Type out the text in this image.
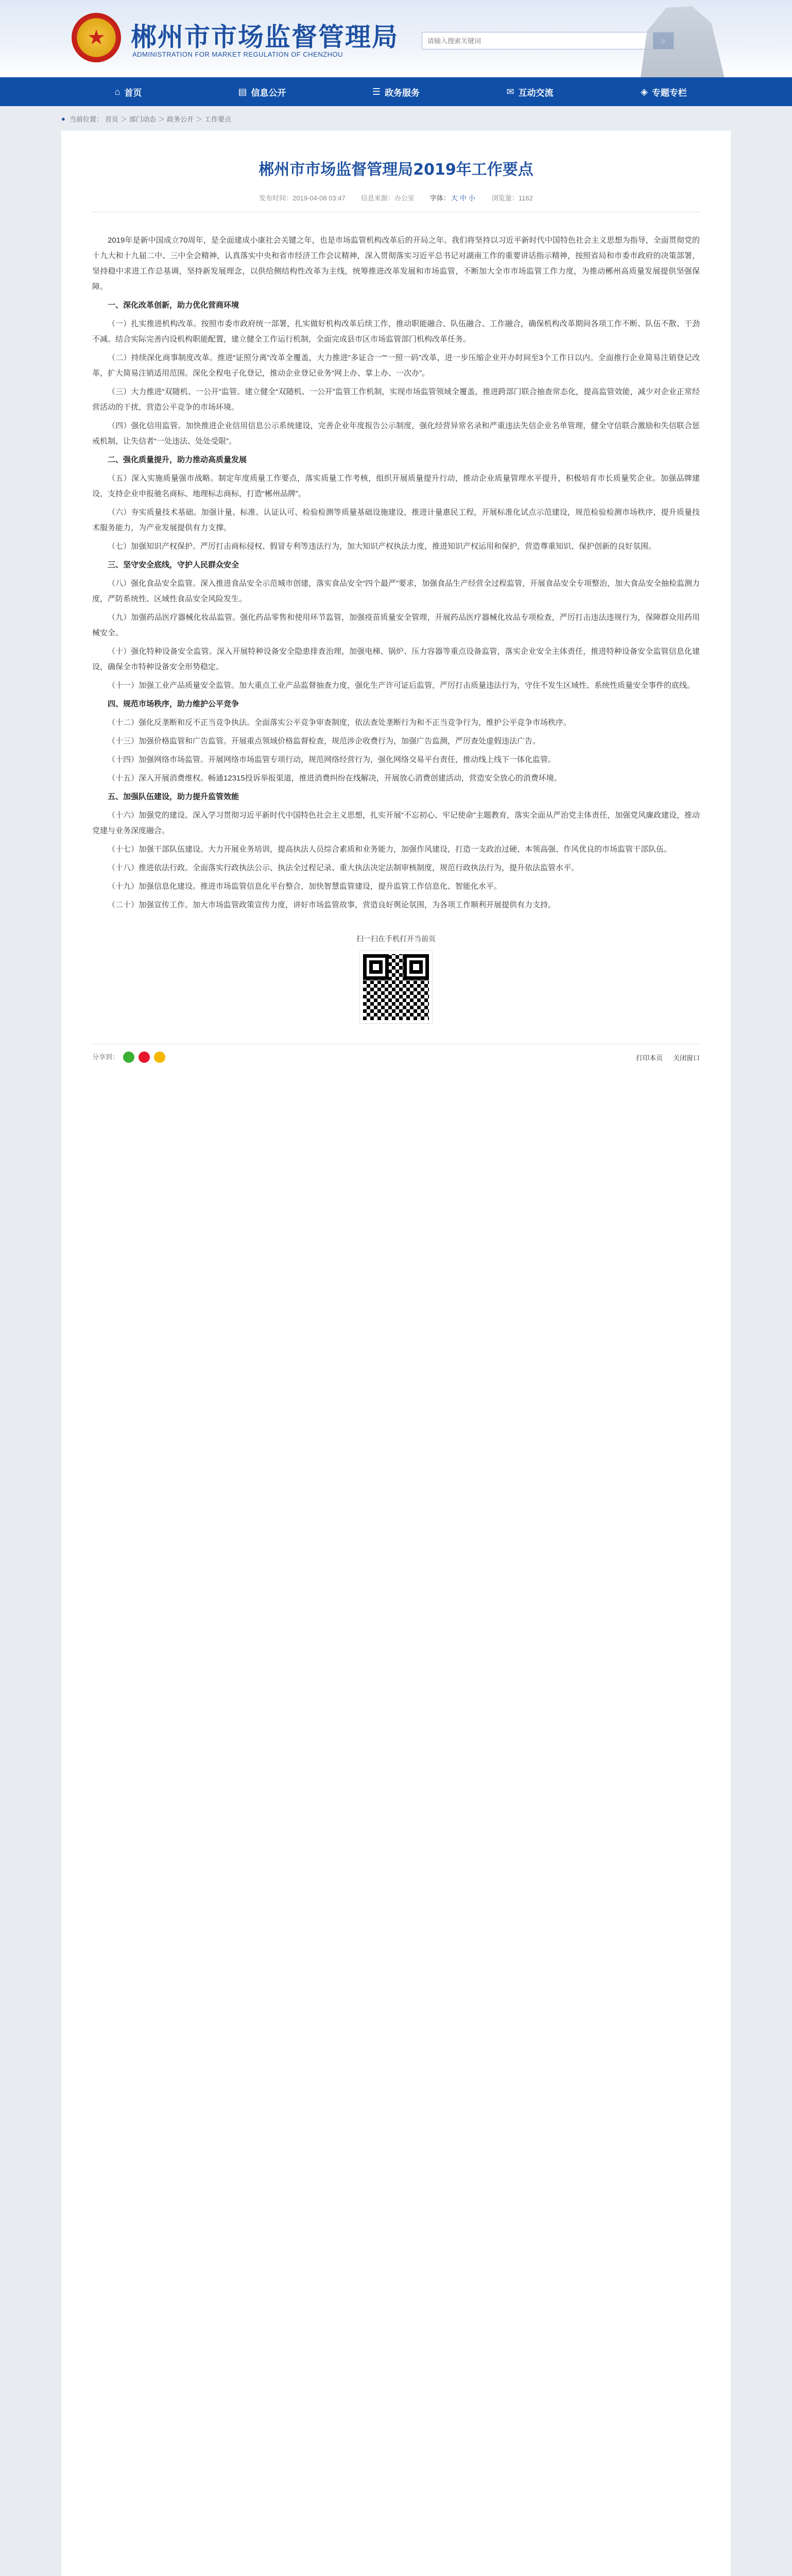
★ 郴州市市场监督管理局
ADMINISTRATION FOR MARKET REGULATION OF CHENZHOU
请输入搜索关键词
⌂ 首页	▤ 信息公开	☰ 政务服务	✉ 互动交流	◈ 专题专栏
● 当前位置： 首页 ＞ 部门动态 ＞ 政务公开 ＞ 工作要点
郴州市市场监督管理局2019年工作要点
发布时间：2019-04-08 03:47 信息来源：办公室 字体： 大 中 小 浏览量：1162

2019年是新中国成立70周年，是全面建成小康社会关键之年，也是市场监管机构改革后的开局之年。我们将坚持以习近平新时代中国特色社会主义思想为指导，全面贯彻党的十九大和十九届二中、三中全会精神，认真落实中央和省市经济工作会议精神，深入贯彻落实习近平总书记对湖南工作的重要讲话指示精神，按照省局和市委市政府的决策部署，坚持稳中求进工作总基调，坚持新发展理念，以供给侧结构性改革为主线，统筹推进改革发展和市场监管，不断加大全市市场监管工作力度，为推动郴州高质量发展提供坚强保障。

一、深化改革创新，助力优化营商环境

（一）扎实推进机构改革。按照市委市政府统一部署，扎实做好机构改革后续工作，推动职能融合、队伍融合、工作融合，确保机构改革期间各项工作不断、队伍不散、干劲不减。结合实际完善内设机构职能配置，建立健全工作运行机制，全面完成县市区市场监管部门机构改革任务。

（二）持续深化商事制度改革。推进“证照分离”改革全覆盖，大力推进“多证合一”“一照一码”改革，进一步压缩企业开办时间至3个工作日以内。全面推行企业简易注销登记改革，扩大简易注销适用范围。深化全程电子化登记，推动企业登记业务“网上办、掌上办、一次办”。

（三）大力推进“双随机、一公开”监管。建立健全“双随机、一公开”监管工作机制，实现市场监管领域全覆盖，推进跨部门联合抽查常态化，提高监管效能，减少对企业正常经营活动的干扰，营造公平竞争的市场环境。

（四）强化信用监管。加快推进企业信用信息公示系统建设，完善企业年度报告公示制度，强化经营异常名录和严重违法失信企业名单管理，健全守信联合激励和失信联合惩戒机制，让失信者“一处违法、处处受限”。

二、强化质量提升，助力推动高质量发展

（五）深入实施质量强市战略。制定年度质量工作要点，落实质量工作考核，组织开展质量提升行动，推动企业质量管理水平提升，积极培育市长质量奖企业。加强品牌建设，支持企业申报驰名商标、地理标志商标，打造“郴州品牌”。

（六）夯实质量技术基础。加强计量、标准、认证认可、检验检测等质量基础设施建设，推进计量惠民工程，开展标准化试点示范建设，规范检验检测市场秩序，提升质量技术服务能力，为产业发展提供有力支撑。

（七）加强知识产权保护。严厉打击商标侵权、假冒专利等违法行为，加大知识产权执法力度，推进知识产权运用和保护，营造尊重知识、保护创新的良好氛围。

三、坚守安全底线，守护人民群众安全

（八）强化食品安全监管。深入推进食品安全示范城市创建，落实食品安全“四个最严”要求，加强食品生产经营全过程监管，开展食品安全专项整治，加大食品安全抽检监测力度，严防系统性、区域性食品安全风险发生。

（九）加强药品医疗器械化妆品监管。强化药品零售和使用环节监管，加强疫苗质量安全管理，开展药品医疗器械化妆品专项检查，严厉打击违法违规行为，保障群众用药用械安全。

（十）强化特种设备安全监管。深入开展特种设备安全隐患排查治理，加强电梯、锅炉、压力容器等重点设备监管，落实企业安全主体责任，推进特种设备安全监管信息化建设，确保全市特种设备安全形势稳定。

（十一）加强工业产品质量安全监管。加大重点工业产品监督抽查力度，强化生产许可证后监管，严厉打击质量违法行为，守住不发生区域性、系统性质量安全事件的底线。

四、规范市场秩序，助力维护公平竞争

（十二）强化反垄断和反不正当竞争执法。全面落实公平竞争审查制度，依法查处垄断行为和不正当竞争行为，维护公平竞争市场秩序。

（十三）加强价格监管和广告监管。开展重点领域价格监督检查，规范涉企收费行为，加强广告监测，严厉查处虚假违法广告。

（十四）加强网络市场监管。开展网络市场监管专项行动，规范网络经营行为，强化网络交易平台责任，推动线上线下一体化监管。

（十五）深入开展消费维权。畅通12315投诉举报渠道，推进消费纠纷在线解决，开展放心消费创建活动，营造安全放心的消费环境。

五、加强队伍建设，助力提升监管效能

（十六）加强党的建设。深入学习贯彻习近平新时代中国特色社会主义思想，扎实开展“不忘初心、牢记使命”主题教育，落实全面从严治党主体责任，加强党风廉政建设，推动党建与业务深度融合。

（十七）加强干部队伍建设。大力开展业务培训，提高执法人员综合素质和业务能力，加强作风建设，打造一支政治过硬、本领高强、作风优良的市场监管干部队伍。

（十八）推进依法行政。全面落实行政执法公示、执法全过程记录、重大执法决定法制审核制度，规范行政执法行为，提升依法监管水平。

（十九）加强信息化建设。推进市场监管信息化平台整合，加快智慧监管建设，提升监管工作信息化、智能化水平。

（二十）加强宣传工作。加大市场监管政策宣传力度，讲好市场监管故事，营造良好舆论氛围，为各项工作顺利开展提供有力支持。

扫一扫在手机打开当前页
分享到：	打印本页 关闭窗口
